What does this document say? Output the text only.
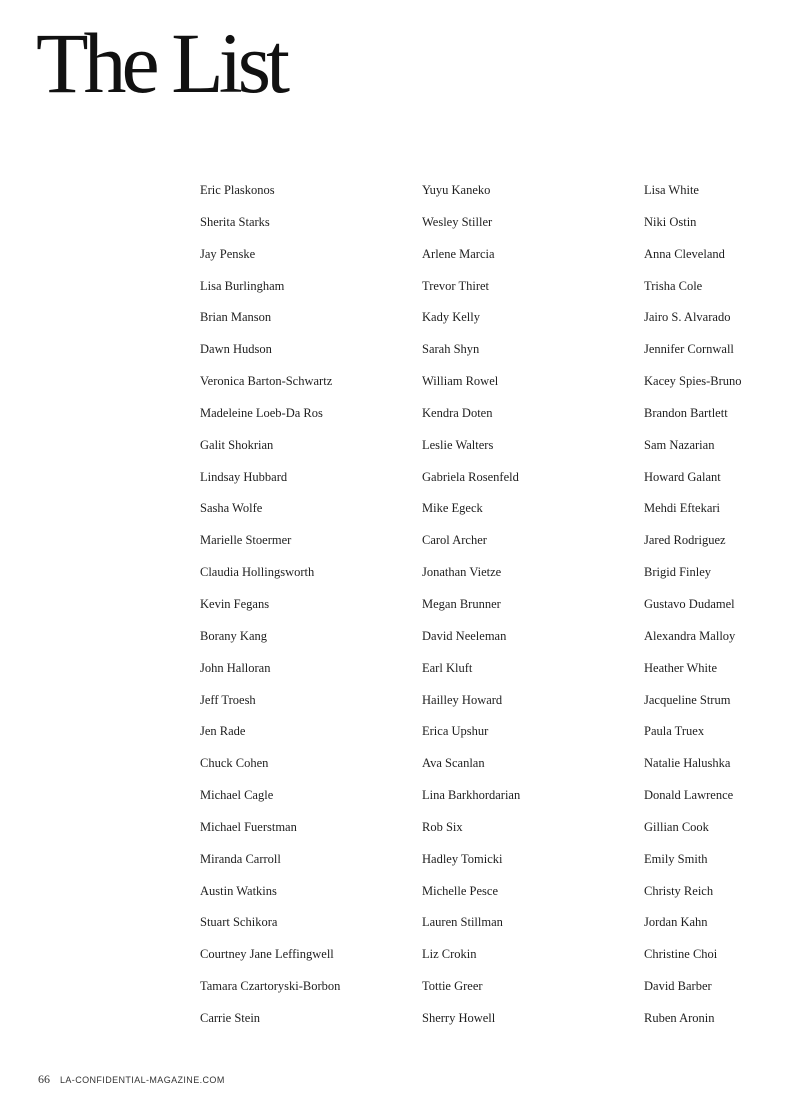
The List
Eric Plaskonos
Sherita Starks
Jay Penske
Lisa Burlingham
Brian Manson
Dawn Hudson
Veronica Barton-Schwartz
Madeleine Loeb-Da Ros
Galit Shokrian
Lindsay Hubbard
Sasha Wolfe
Marielle Stoermer
Claudia Hollingsworth
Kevin Fegans
Borany Kang
John Halloran
Jeff Troesh
Jen Rade
Chuck Cohen
Michael Cagle
Michael Fuerstman
Miranda Carroll
Austin Watkins
Stuart Schikora
Courtney Jane Leffingwell
Tamara Czartoryski-Borbon
Carrie Stein
Yuyu Kaneko
Wesley Stiller
Arlene Marcia
Trevor Thiret
Kady Kelly
Sarah Shyn
William Rowel
Kendra Doten
Leslie Walters
Gabriela Rosenfeld
Mike Egeck
Carol Archer
Jonathan Vietze
Megan Brunner
David Neeleman
Earl Kluft
Hailley Howard
Erica Upshur
Ava Scanlan
Lina Barkhordarian
Rob Six
Hadley Tomicki
Michelle Pesce
Lauren Stillman
Liz Crokin
Tottie Greer
Sherry Howell
Lisa White
Niki Ostin
Anna Cleveland
Trisha Cole
Jairo S. Alvarado
Jennifer Cornwall
Kacey Spies-Bruno
Brandon Bartlett
Sam Nazarian
Howard Galant
Mehdi Eftekari
Jared Rodriguez
Brigid Finley
Gustavo Dudamel
Alexandra Malloy
Heather White
Jacqueline Strum
Paula Truex
Natalie Halushka
Donald Lawrence
Gillian Cook
Emily Smith
Christy Reich
Jordan Kahn
Christine Choi
David Barber
Ruben Aronin
66 LA-CONFIDENTIAL-MAGAZINE.COM
